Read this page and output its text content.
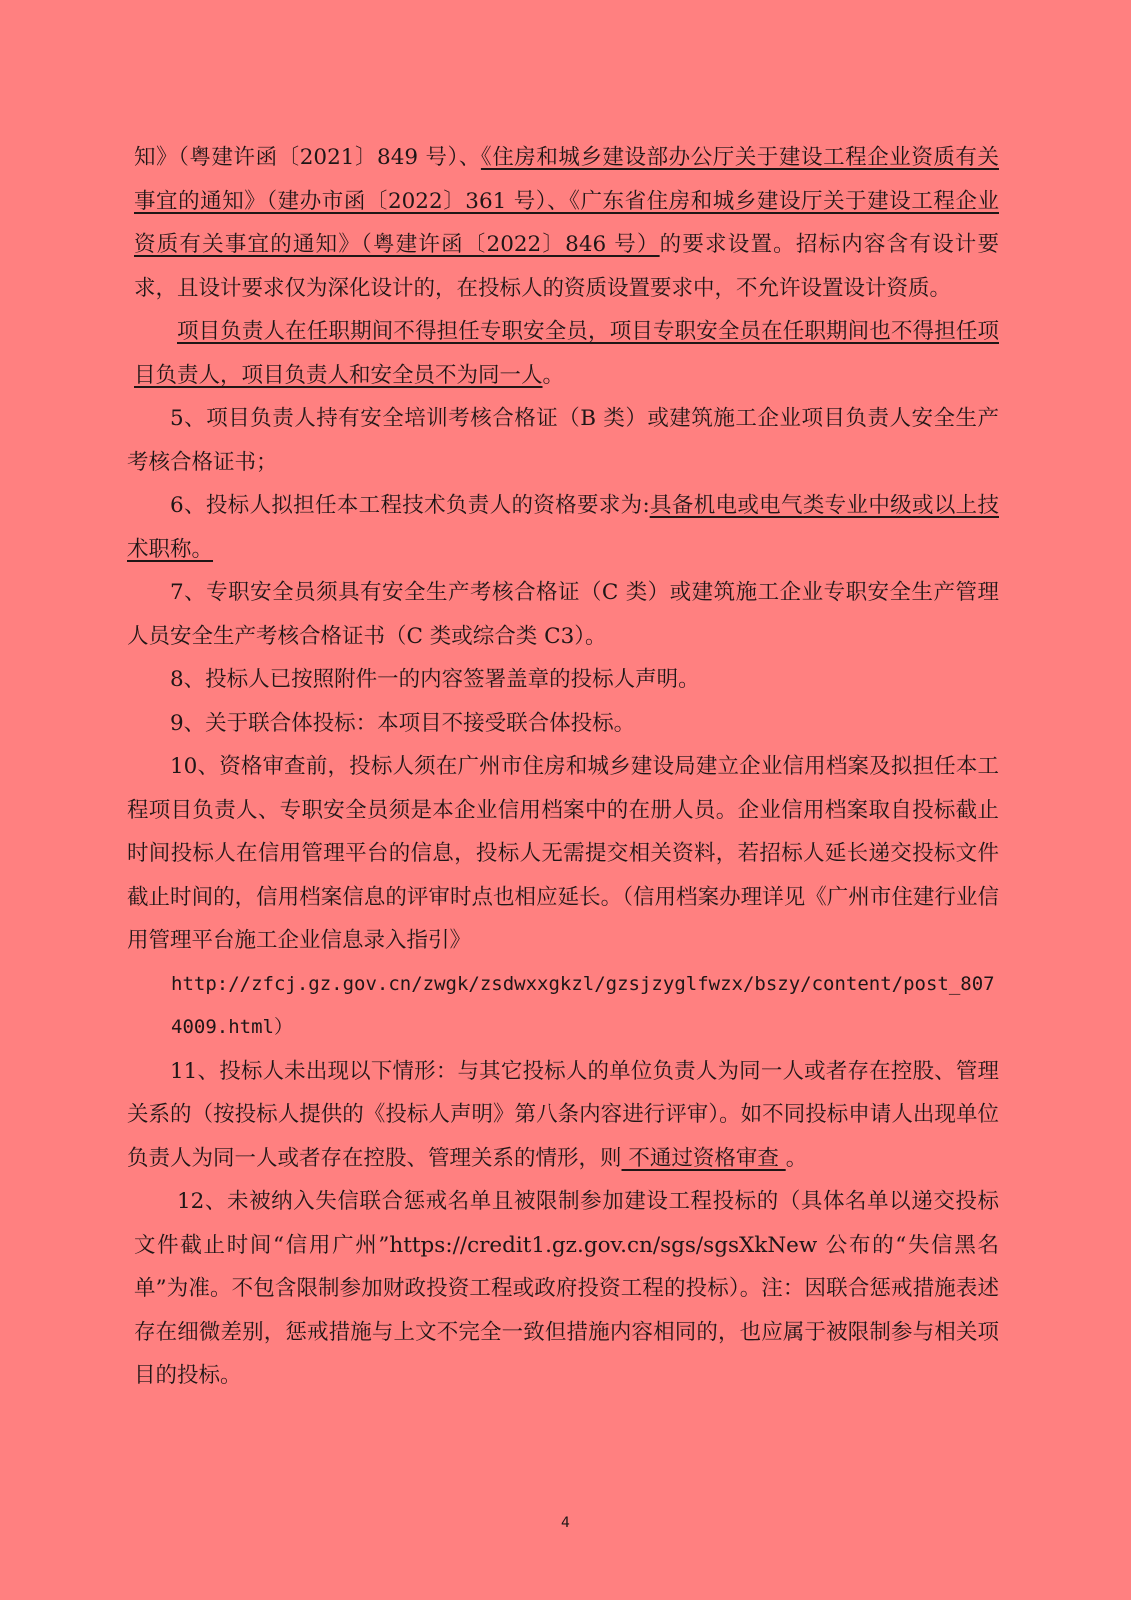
知》（粤建许函〔2021〕849 号）、《住房和城乡建设部办公厅关于建设工程企业资质有关事宜的通知》（建办市函〔2022〕361 号）、《广东省住房和城乡建设厅关于建设工程企业资质有关事宜的通知》（粤建许函〔2022〕846 号）的要求设置。招标内容含有设计要求，且设计要求仅为深化设计的，在投标人的资质设置要求中，不允许设置设计资质。

项目负责人在任职期间不得担任专职安全员，项目专职安全员在任职期间也不得担任项目负责人，项目负责人和安全员不为同一人。

5、项目负责人持有安全培训考核合格证（B 类）或建筑施工企业项目负责人安全生产考核合格证书；

6、投标人拟担任本工程技术负责人的资格要求为:具备机电或电气类专业中级或以上技术职称。

7、专职安全员须具有安全生产考核合格证（C 类）或建筑施工企业专职安全生产管理人员安全生产考核合格证书（C 类或综合类 C3）。

8、投标人已按照附件一的内容签署盖章的投标人声明。

9、关于联合体投标：本项目不接受联合体投标。

10、资格审查前，投标人须在广州市住房和城乡建设局建立企业信用档案及拟担任本工程项目负责人、专职安全员须是本企业信用档案中的在册人员。企业信用档案取自投标截止时间投标人在信用管理平台的信息，投标人无需提交相关资料，若招标人延长递交投标文件截止时间的，信用档案信息的评审时点也相应延长。（信用档案办理详见《广州市住建行业信用管理平台施工企业信息录入指引》

http://zfcj.gz.gov.cn/zwgk/zsdwxxgkzl/gzsjzyglfwzx/bszy/content/post_8074009.html）

11、投标人未出现以下情形：与其它投标人的单位负责人为同一人或者存在控股、管理关系的（按投标人提供的《投标人声明》第八条内容进行评审）。如不同投标申请人出现单位负责人为同一人或者存在控股、管理关系的情形，则 不通过资格审查 。

12、未被纳入失信联合惩戒名单且被限制参加建设工程投标的（具体名单以递交投标文件截止时间“信用广州”https://credit1.gz.gov.cn/sgs/sgsXkNew 公布的“失信黑名单”为准。不包含限制参加财政投资工程或政府投资工程的投标）。注：因联合惩戒措施表述存在细微差别，惩戒措施与上文不完全一致但措施内容相同的，也应属于被限制参与相关项目的投标。

4
